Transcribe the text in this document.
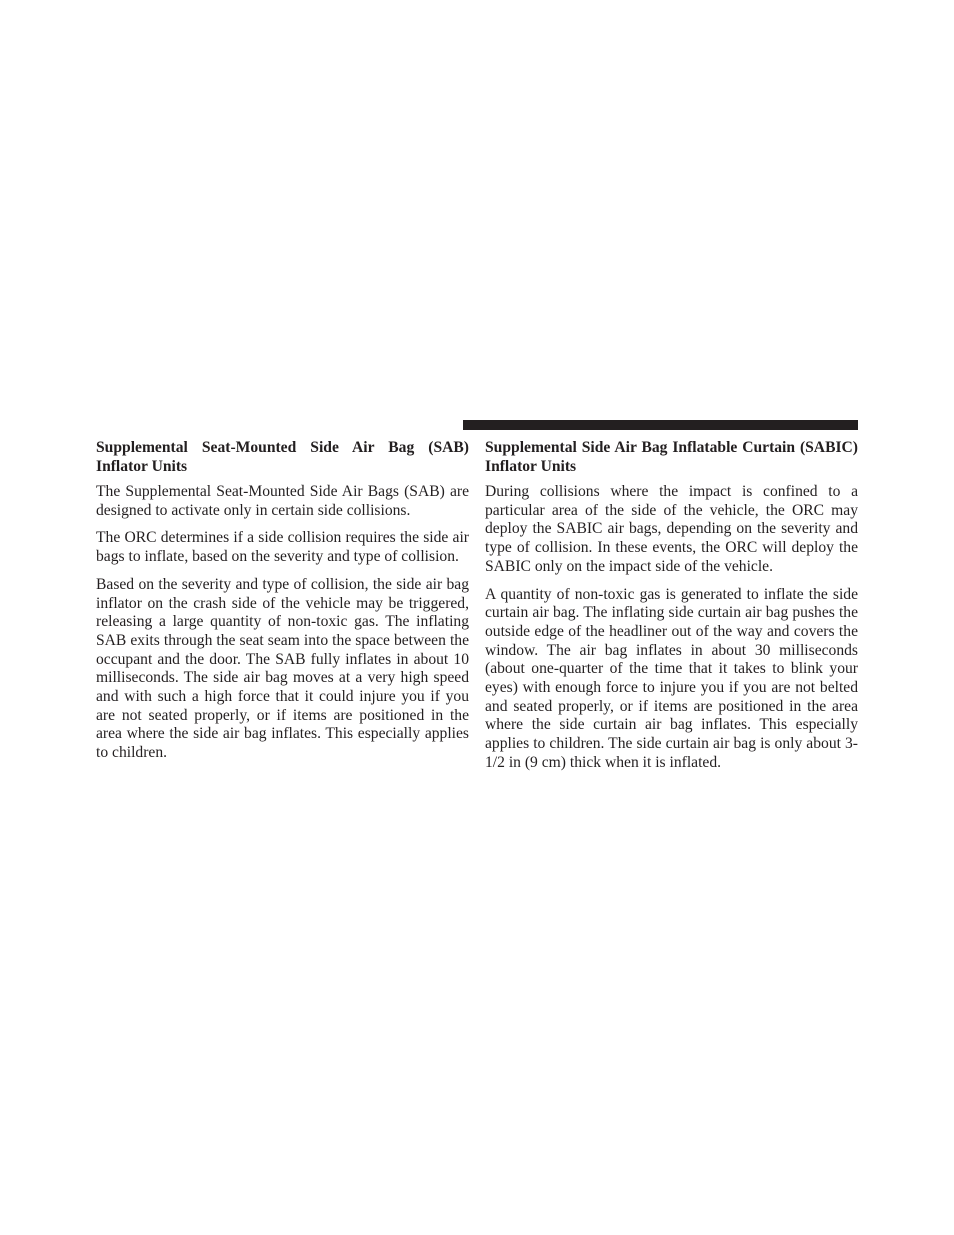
Supplemental Seat-Mounted Side Air Bag (SAB) Inflator Units

The Supplemental Seat-Mounted Side Air Bags (SAB) are designed to activate only in certain side collisions.

The ORC determines if a side collision requires the side air bags to inflate, based on the severity and type of collision.

Based on the severity and type of collision, the side air bag inflator on the crash side of the vehicle may be triggered, releasing a large quantity of non-toxic gas. The inflating SAB exits through the seat seam into the space between the occupant and the door. The SAB fully inflates in about 10 milliseconds. The side air bag moves at a very high speed and with such a high force that it could injure you if you are not seated properly, or if items are positioned in the area where the side air bag inflates. This especially applies to children.

Supplemental Side Air Bag Inflatable Curtain (SABIC) Inflator Units

During collisions where the impact is confined to a particular area of the side of the vehicle, the ORC may deploy the SABIC air bags, depending on the severity and type of collision. In these events, the ORC will deploy the SABIC only on the impact side of the vehicle.

A quantity of non-toxic gas is generated to inflate the side curtain air bag. The inflating side curtain air bag pushes the outside edge of the headliner out of the way and covers the window. The air bag inflates in about 30 milliseconds (about one-quarter of the time that it takes to blink your eyes) with enough force to injure you if you are not belted and seated properly, or if items are positioned in the area where the side curtain air bag inflates. This especially applies to children. The side curtain air bag is only about 3-1/2 in (9 cm) thick when it is inflated.
